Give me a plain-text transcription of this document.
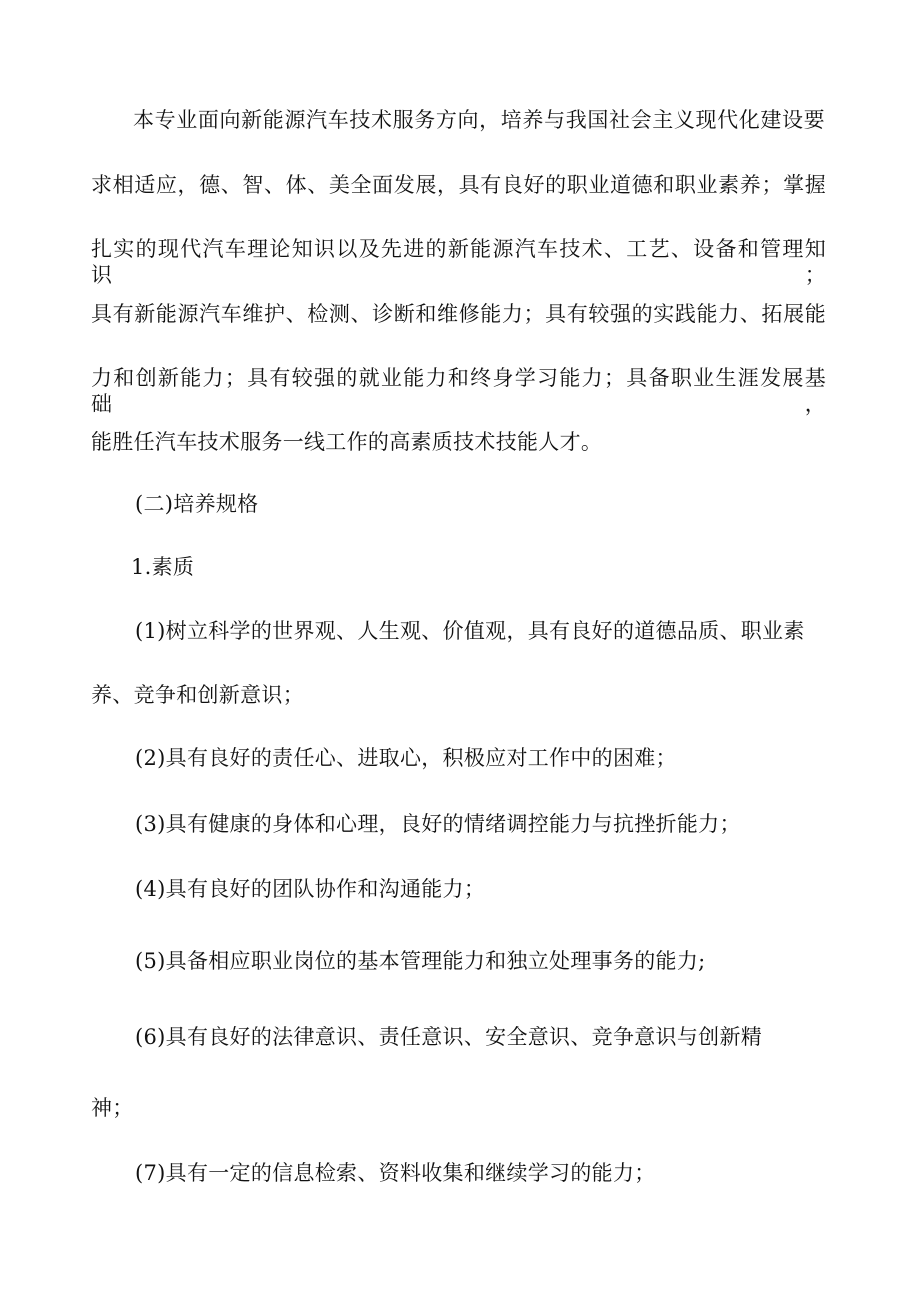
本专业面向新能源汽车技术服务方向，培养与我国社会主义现代化建设要
求相适应，德、智、体、美全面发展，具有良好的职业道德和职业素养；掌握
扎实的现代汽车理论知识以及先进的新能源汽车技术、工艺、设备和管理知识；
具有新能源汽车维护、检测、诊断和维修能力；具有较强的实践能力、拓展能
力和创新能力；具有较强的就业能力和终身学习能力；具备职业生涯发展基础，
能胜任汽车技术服务一线工作的高素质技术技能人才。
(二)培养规格
1.素质
(1)树立科学的世界观、人生观、价值观，具有良好的道德品质、职业素
养、竞争和创新意识；
(2)具有良好的责任心、进取心，积极应对工作中的困难；
(3)具有健康的身体和心理，良好的情绪调控能力与抗挫折能力；
(4)具有良好的团队协作和沟通能力；
(5)具备相应职业岗位的基本管理能力和独立处理事务的能力;
(6)具有良好的法律意识、责任意识、安全意识、竞争意识与创新精
神；
(7)具有一定的信息检索、资料收集和继续学习的能力；
